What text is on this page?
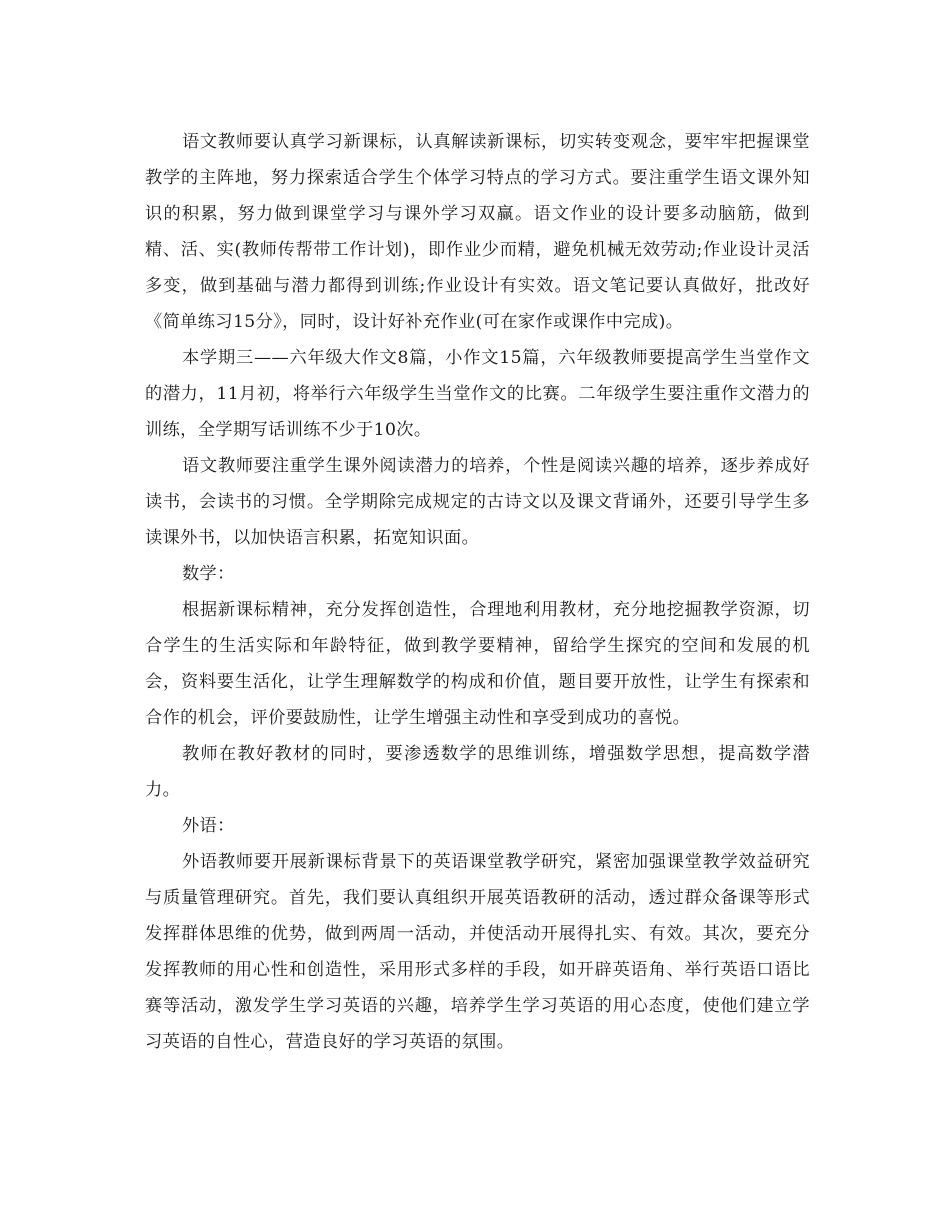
语文教师要认真学习新课标，认真解读新课标，切实转变观念，要牢牢把握课堂教学的主阵地，努力探索适合学生个体学习特点的学习方式。要注重学生语文课外知识的积累，努力做到课堂学习与课外学习双赢。语文作业的设计要多动脑筋，做到精、活、实(教师传帮带工作计划)，即作业少而精，避免机械无效劳动;作业设计灵活多变，做到基础与潜力都得到训练;作业设计有实效。语文笔记要认真做好，批改好《简单练习15分》，同时，设计好补充作业(可在家作或课作中完成)。

本学期三——六年级大作文8篇，小作文15篇，六年级教师要提高学生当堂作文的潜力，11月初，将举行六年级学生当堂作文的比赛。二年级学生要注重作文潜力的训练，全学期写话训练不少于10次。

语文教师要注重学生课外阅读潜力的培养，个性是阅读兴趣的培养，逐步养成好读书，会读书的习惯。全学期除完成规定的古诗文以及课文背诵外，还要引导学生多读课外书，以加快语言积累，拓宽知识面。

数学：

根据新课标精神，充分发挥创造性，合理地利用教材，充分地挖掘教学资源，切合学生的生活实际和年龄特征，做到教学要精神，留给学生探究的空间和发展的机会，资料要生活化，让学生理解数学的构成和价值，题目要开放性，让学生有探索和合作的机会，评价要鼓励性，让学生增强主动性和享受到成功的喜悦。

教师在教好教材的同时，要渗透数学的思维训练，增强数学思想，提高数学潜力。

外语：

外语教师要开展新课标背景下的英语课堂教学研究，紧密加强课堂教学效益研究与质量管理研究。首先，我们要认真组织开展英语教研的活动，透过群众备课等形式发挥群体思维的优势，做到两周一活动，并使活动开展得扎实、有效。其次，要充分发挥教师的用心性和创造性，采用形式多样的手段，如开辟英语角、举行英语口语比赛等活动，激发学生学习英语的兴趣，培养学生学习英语的用心态度，使他们建立学习英语的自性心，营造良好的学习英语的氛围。
